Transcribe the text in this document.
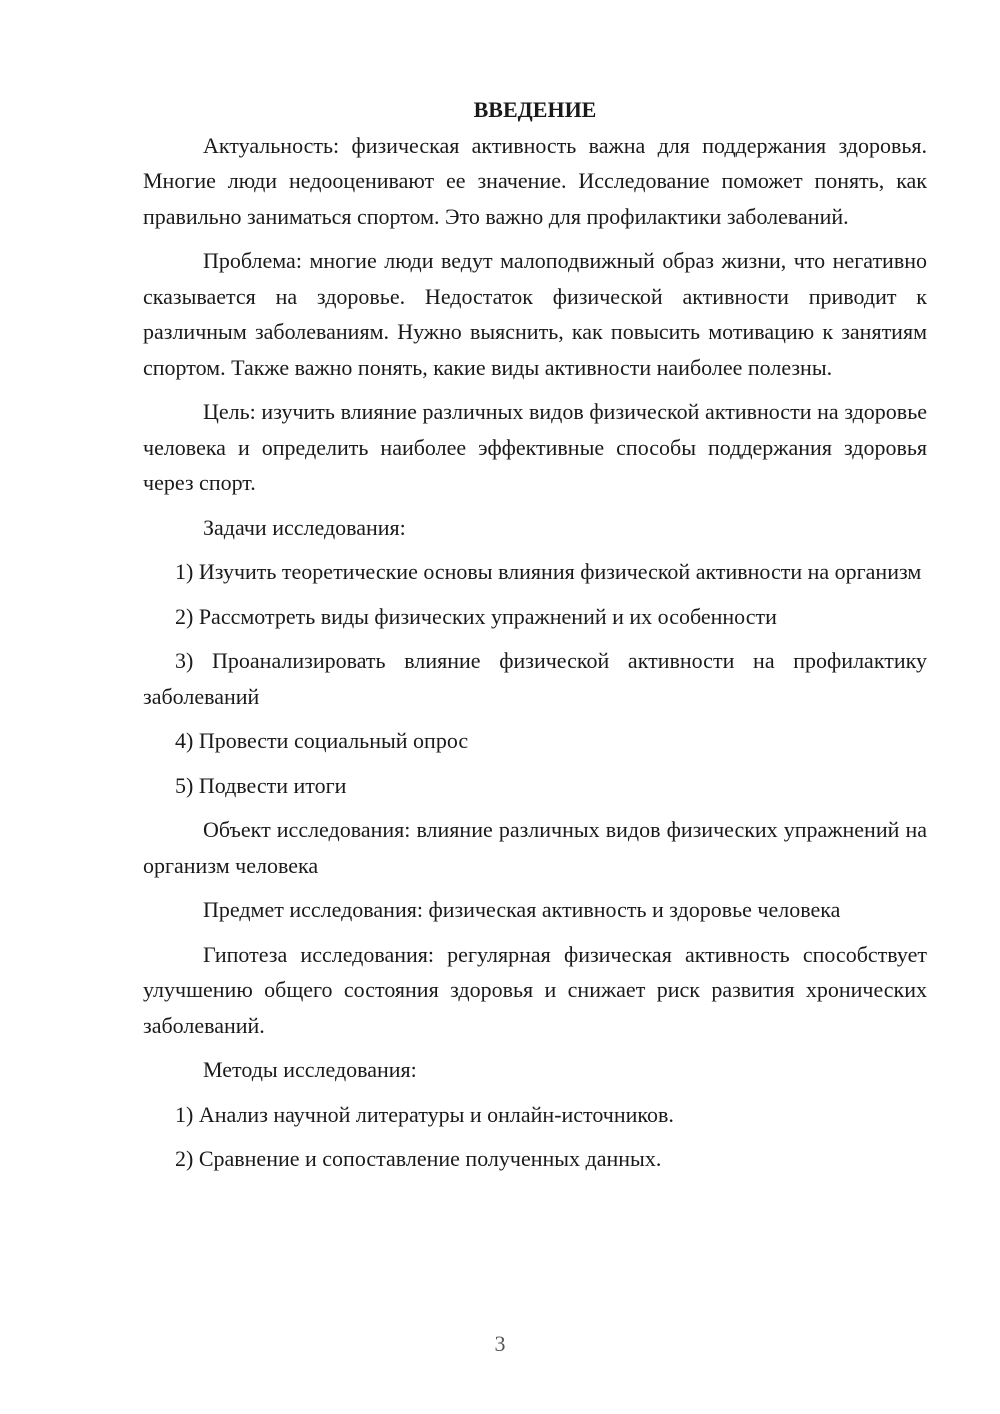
ВВЕДЕНИЕ

Актуальность: физическая активность важна для поддержания здоровья. Многие люди недооценивают ее значение. Исследование поможет понять, как правильно заниматься спортом. Это важно для профилактики заболеваний.

Проблема: многие люди ведут малоподвижный образ жизни, что негативно сказывается на здоровье. Недостаток физической активности приводит к различным заболеваниям. Нужно выяснить, как повысить мотивацию к занятиям спортом. Также важно понять, какие виды активности наиболее полезны.

Цель: изучить влияние различных видов физической активности на здоровье человека и определить наиболее эффективные способы поддержания здоровья через спорт.

Задачи исследования:

1) Изучить теоретические основы влияния физической активности на организм

2) Рассмотреть виды физических упражнений и их особенности

3) Проанализировать влияние физической активности на профилактику заболеваний

4) Провести социальный опрос

5) Подвести итоги

Объект исследования: влияние различных видов физических упражнений на организм человека

Предмет исследования: физическая активность и здоровье человека

Гипотеза исследования: регулярная физическая активность способствует улучшению общего состояния здоровья и снижает риск развития хронических заболеваний.

Методы исследования:

1) Анализ научной литературы и онлайн-источников.

2) Сравнение и сопоставление полученных данных.

3
